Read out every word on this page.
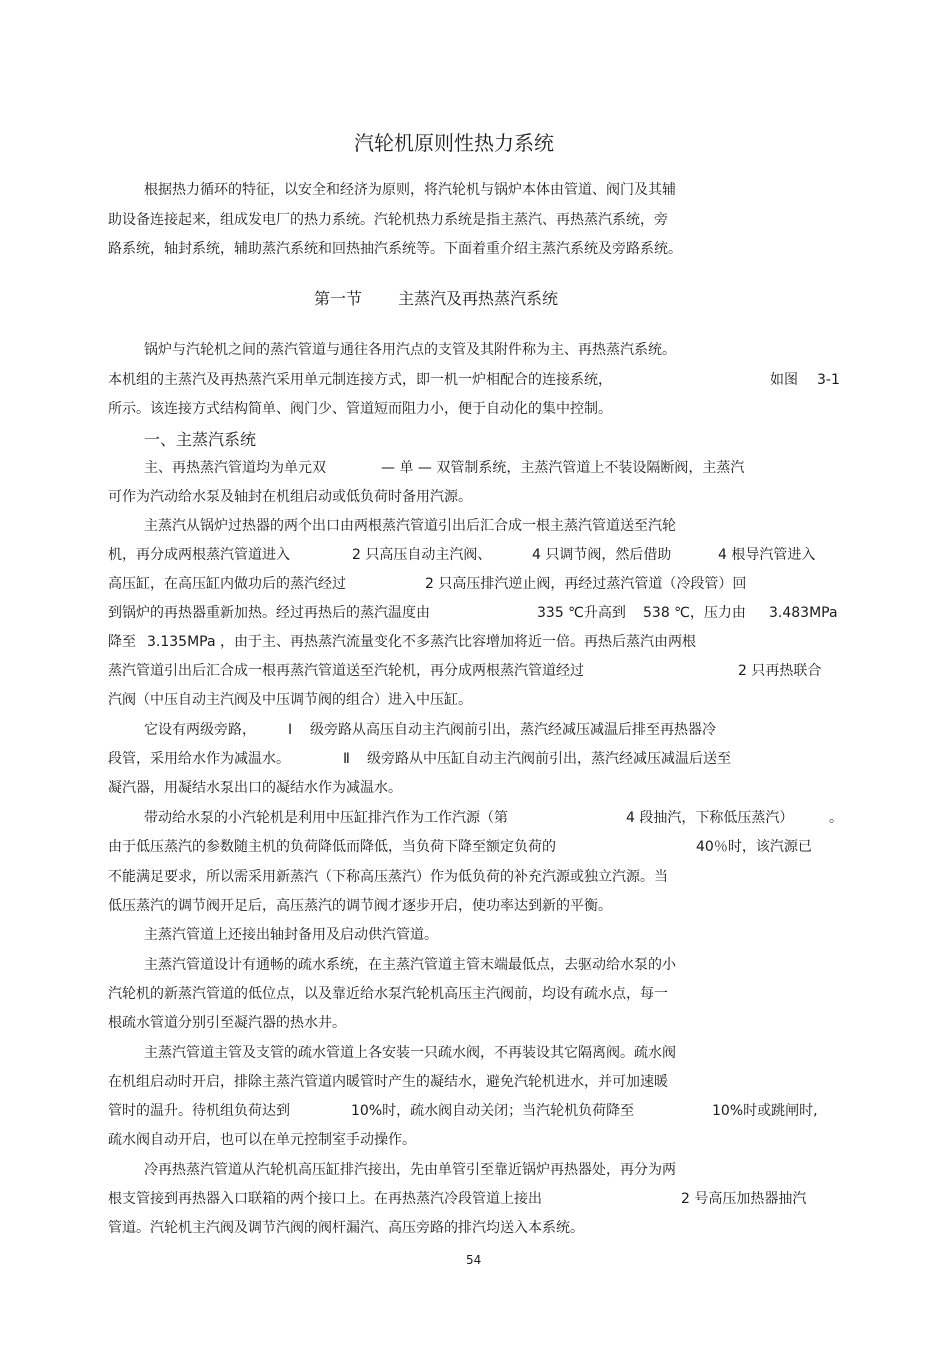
汽轮机原则性热力系统
根据热力循环的特征，以安全和经济为原则，将汽轮机与锅炉本体由管道、阀门及其辅
助设备连接起来，组成发电厂的热力系统。汽轮机热力系统是指主蒸汽、再热蒸汽系统，旁
路系统，轴封系统，辅助蒸汽系统和回热抽汽系统等。下面着重介绍主蒸汽系统及旁路系统。
第一节 主蒸汽及再热蒸汽系统
锅炉与汽轮机之间的蒸汽管道与通往各用汽点的支管及其附件称为主、再热蒸汽系统。
本机组的主蒸汽及再热蒸汽采用单元制连接方式，即一机一炉相配合的连接系统，	如图 3-1
所示。该连接方式结构简单、阀门少、管道短而阻力小，便于自动化的集中控制。
一、主蒸汽系统
主、再热蒸汽管道均为单元双	— 单 — 双管制系统，主蒸汽管道上不装设隔断阀，主蒸汽
可作为汽动给水泵及轴封在机组启动或低负荷时备用汽源。
主蒸汽从锅炉过热器的两个出口由两根蒸汽管道引出后汇合成一根主蒸汽管道送至汽轮
机，再分成两根蒸汽管道进入	2 只高压自动主汽阀、	4 只调节阀，然后借助	4 根导汽管进入
高压缸，在高压缸内做功后的蒸汽经过	2 只高压排汽逆止阀，再经过蒸汽管道（冷段管）回
到锅炉的再热器重新加热。经过再热后的蒸汽温度由	335 ℃升高到 538 ℃，压力由 3.483MPa
降至 3.135MPa ，由于主、再热蒸汽流量变化不多蒸汽比容增加将近一倍。再热后蒸汽由两根
蒸汽管道引出后汇合成一根再蒸汽管道送至汽轮机，再分成两根蒸汽管道经过	2 只再热联合
汽阀（中压自动主汽阀及中压调节阀的组合）进入中压缸。
它设有两级旁路， Ⅰ 级旁路从高压自动主汽阀前引出，蒸汽经减压减温后排至再热器冷
段管，采用给水作为减温水。	Ⅱ 级旁路从中压缸自动主汽阀前引出，蒸汽经减压减温后送至
凝汽器，用凝结水泵出口的凝结水作为减温水。
带动给水泵的小汽轮机是利用中压缸排汽作为工作汽源（第	4 段抽汽，下称低压蒸汽）	。
由于低压蒸汽的参数随主机的负荷降低而降低，当负荷下降至额定负荷的	40％时，该汽源已
不能满足要求，所以需采用新蒸汽（下称高压蒸汽）作为低负荷的补充汽源或独立汽源。当
低压蒸汽的调节阀开足后，高压蒸汽的调节阀才逐步开启，使功率达到新的平衡。
主蒸汽管道上还接出轴封备用及启动供汽管道。
主蒸汽管道设计有通畅的疏水系统，在主蒸汽管道主管末端最低点，去驱动给水泵的小
汽轮机的新蒸汽管道的低位点，以及靠近给水泵汽轮机高压主汽阀前，均设有疏水点，每一
根疏水管道分别引至凝汽器的热水井。
主蒸汽管道主管及支管的疏水管道上各安装一只疏水阀，不再装设其它隔离阀。疏水阀
在机组启动时开启，排除主蒸汽管道内暖管时产生的凝结水，避免汽轮机进水，并可加速暖
管时的温升。待机组负荷达到	10%时，疏水阀自动关闭；当汽轮机负荷降至	10%时或跳闸时,
疏水阀自动开启，也可以在单元控制室手动操作。
冷再热蒸汽管道从汽轮机高压缸排汽接出，先由单管引至靠近锅炉再热器处，再分为两
根支管接到再热器入口联箱的两个接口上。在再热蒸汽冷段管道上接出	2 号高压加热器抽汽
管道。汽轮机主汽阀及调节汽阀的阀杆漏汽、高压旁路的排汽均送入本系统。
54
